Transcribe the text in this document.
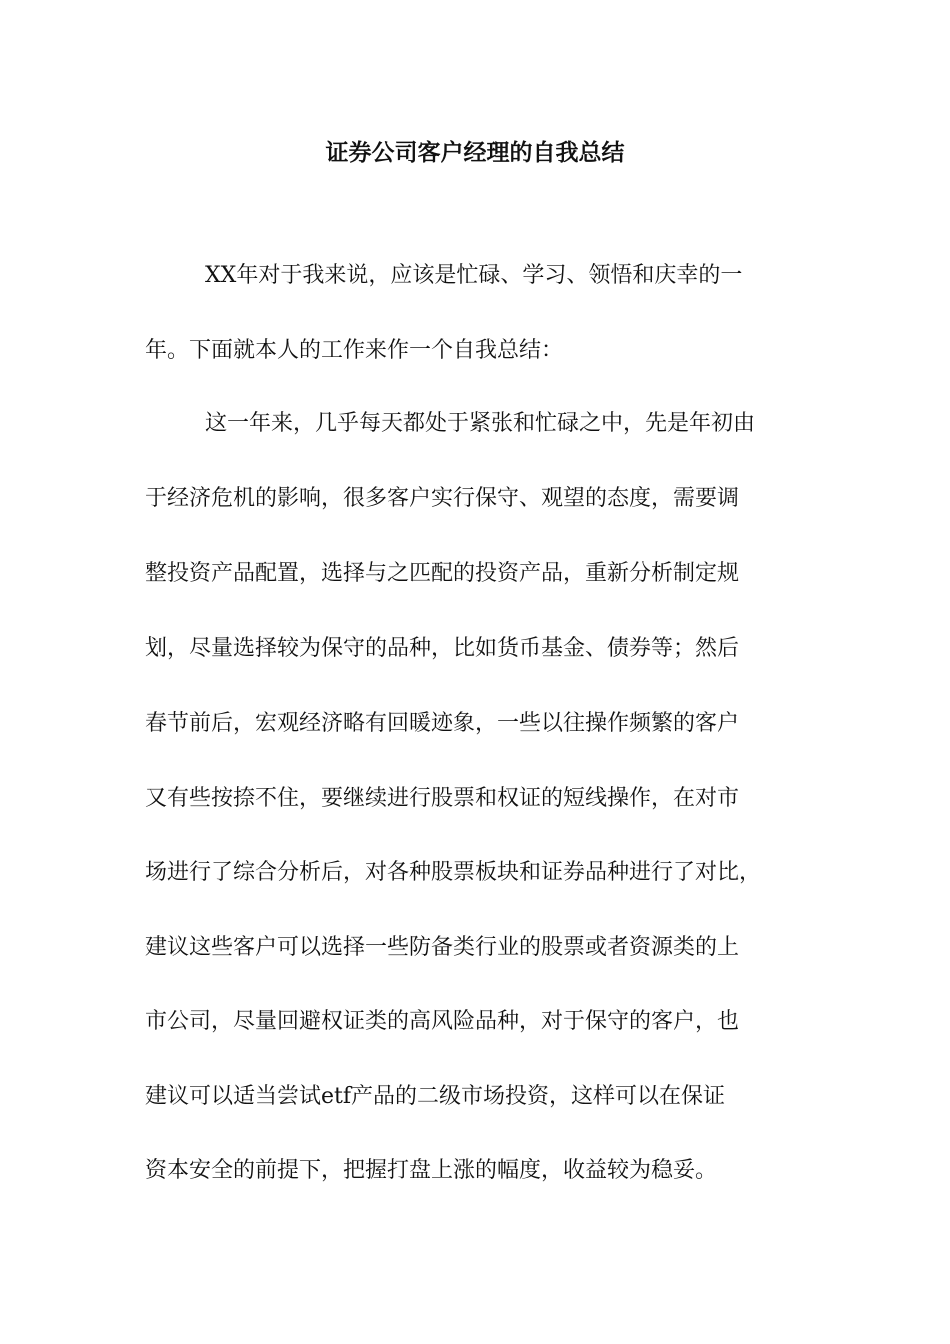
证券公司客户经理的自我总结

XX年对于我来说，应该是忙碌、学习、领悟和庆幸的一

年。下面就本人的工作来作一个自我总结：

这一年来，几乎每天都处于紧张和忙碌之中，先是年初由

于经济危机的影响，很多客户实行保守、观望的态度，需要调

整投资产品配置，选择与之匹配的投资产品，重新分析制定规

划，尽量选择较为保守的品种，比如货币基金、债券等；然后

春节前后，宏观经济略有回暖迹象，一些以往操作频繁的客户

又有些按捺不住，要继续进行股票和权证的短线操作，在对市

场进行了综合分析后，对各种股票板块和证券品种进行了对比，

建议这些客户可以选择一些防备类行业的股票或者资源类的上

市公司，尽量回避权证类的高风险品种，对于保守的客户，也

建议可以适当尝试etf产品的二级市场投资，这样可以在保证

资本安全的前提下，把握打盘上涨的幅度，收益较为稳妥。
